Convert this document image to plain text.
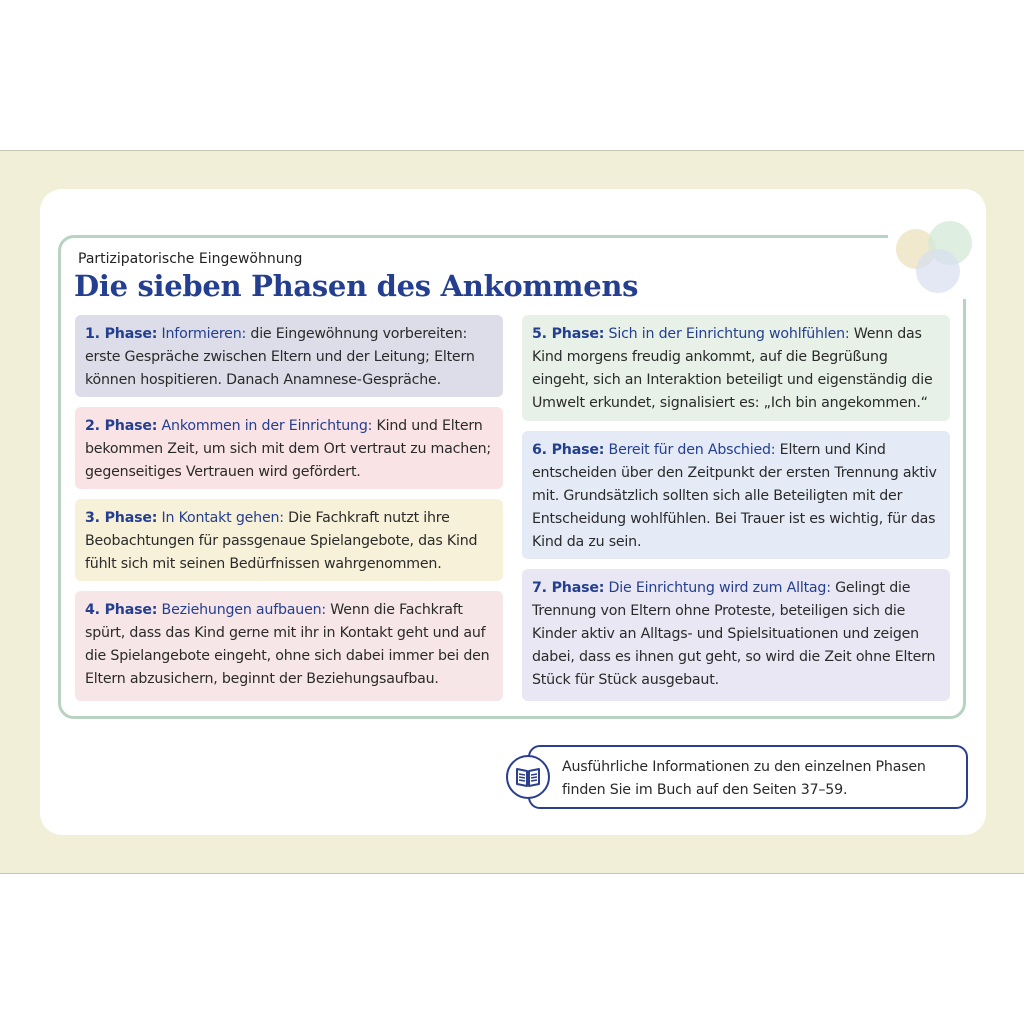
Partizipatorische Eingewöhnung
Die sieben Phasen des Ankommens
1. Phase: Informieren: die Eingewöhnung vorbereiten: erste Gespräche zwischen Eltern und der Leitung; Eltern können hospitieren. Danach Anamnese-Gespräche.
2. Phase: Ankommen in der Einrichtung: Kind und Eltern bekommen Zeit, um sich mit dem Ort vertraut zu machen; gegenseitiges Vertrauen wird gefördert.
3. Phase: In Kontakt gehen: Die Fachkraft nutzt ihre Beobachtungen für passgenaue Spielangebote, das Kind fühlt sich mit seinen Bedürfnissen wahrgenommen.
4. Phase: Beziehungen aufbauen: Wenn die Fachkraft spürt, dass das Kind gerne mit ihr in Kontakt geht und auf die Spielangebote eingeht, ohne sich dabei immer bei den Eltern abzusichern, beginnt der Beziehungsaufbau.
5. Phase: Sich in der Einrichtung wohlfühlen: Wenn das Kind morgens freudig ankommt, auf die Begrüßung eingeht, sich an Interaktion beteiligt und eigenständig die Umwelt erkundet, signalisiert es: „Ich bin angekommen.“
6. Phase: Bereit für den Abschied: Eltern und Kind entscheiden über den Zeitpunkt der ersten Trennung aktiv mit. Grundsätzlich sollten sich alle Beteiligten mit der Entscheidung wohlfühlen. Bei Trauer ist es wichtig, für das Kind da zu sein.
7. Phase: Die Einrichtung wird zum Alltag: Gelingt die Trennung von Eltern ohne Proteste, beteiligen sich die Kinder aktiv an Alltags- und Spielsituationen und zeigen dabei, dass es ihnen gut geht, so wird die Zeit ohne Eltern Stück für Stück ausgebaut.
Ausführliche Informationen zu den einzelnen Phasen
finden Sie im Buch auf den Seiten 37–59.
